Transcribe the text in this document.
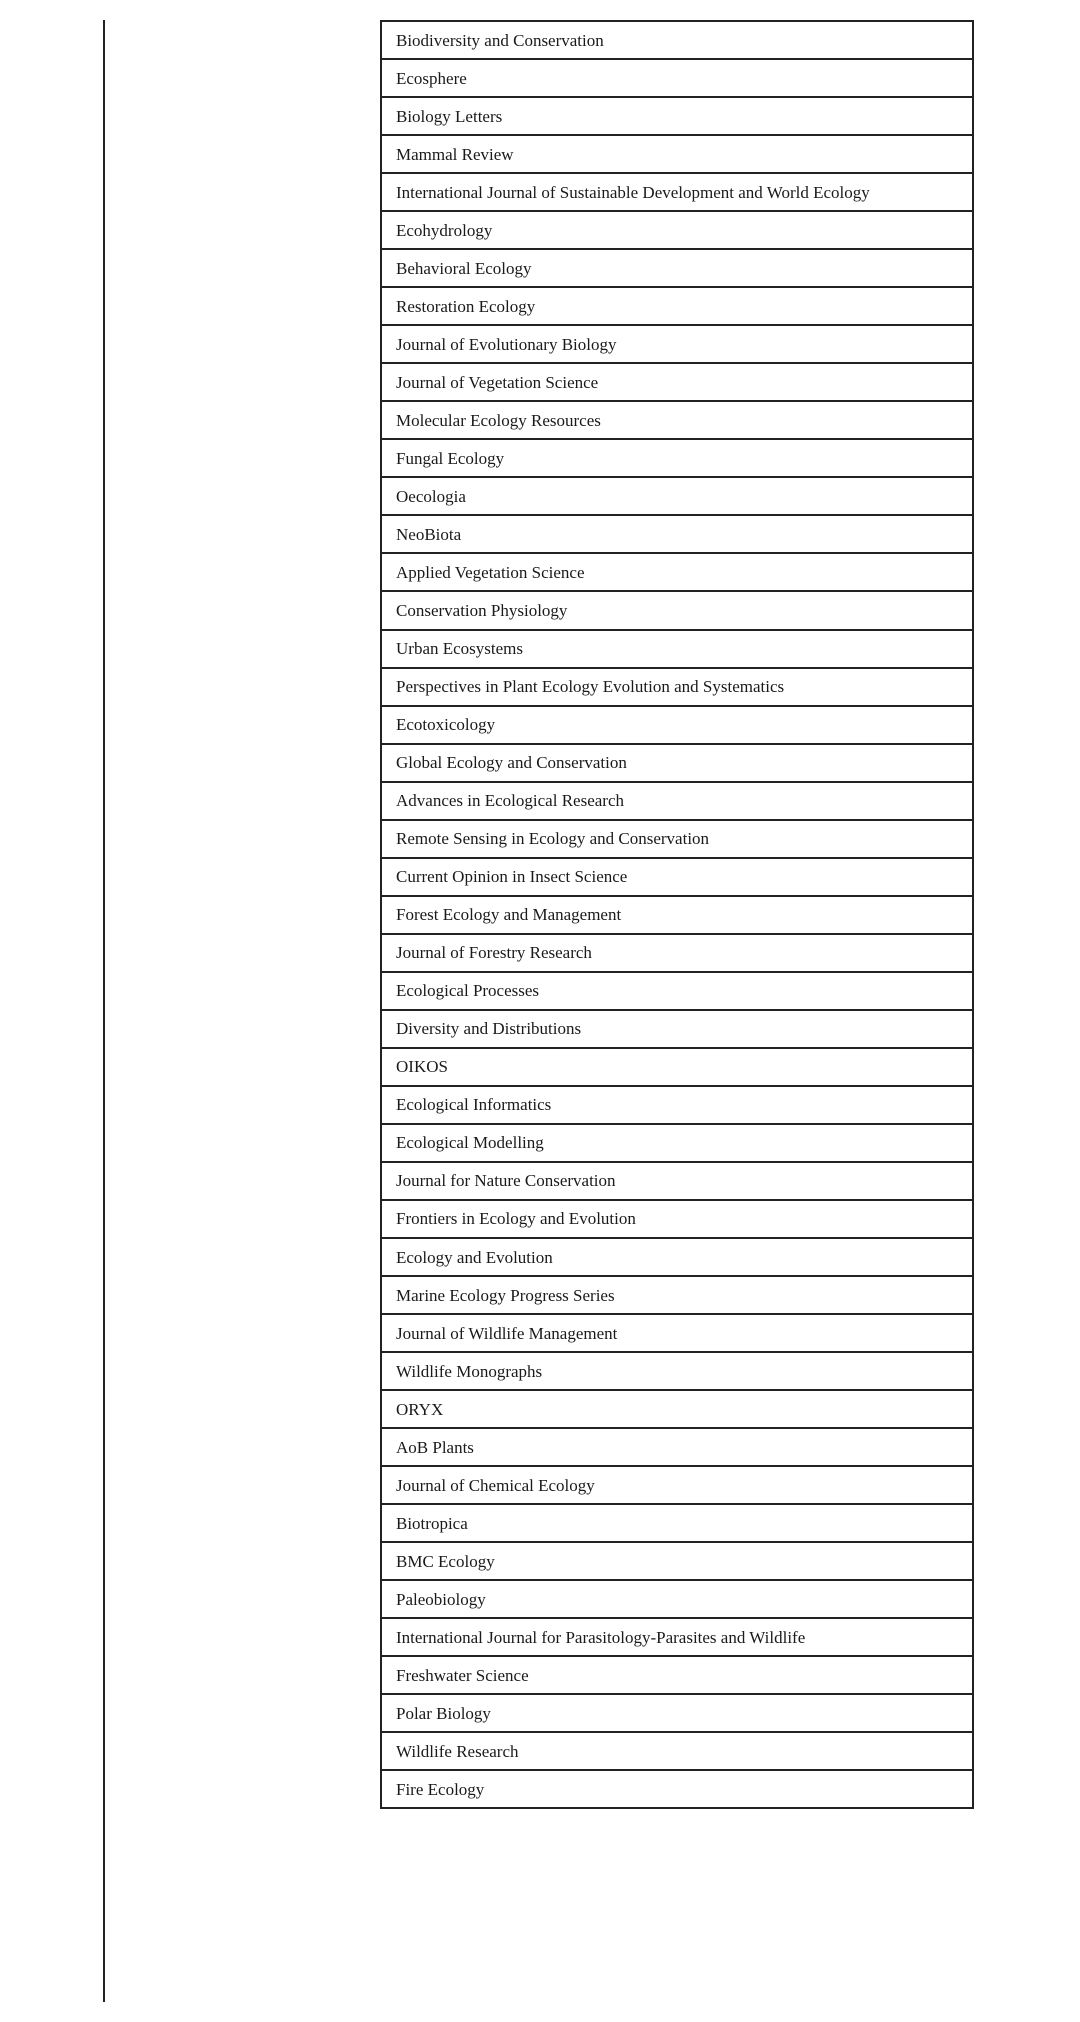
Biodiversity and Conservation
Ecosphere
Biology Letters
Mammal Review
International Journal of Sustainable Development and World Ecology
Ecohydrology
Behavioral Ecology
Restoration Ecology
Journal of Evolutionary Biology
Journal of Vegetation Science
Molecular Ecology Resources
Fungal Ecology
Oecologia
NeoBiota
Applied Vegetation Science
Conservation Physiology
Urban Ecosystems
Perspectives in Plant Ecology Evolution and Systematics
Ecotoxicology
Global Ecology and Conservation
Advances in Ecological Research
Remote Sensing in Ecology and Conservation
Current Opinion in Insect Science
Forest Ecology and Management
Journal of Forestry Research
Ecological Processes
Diversity and Distributions
OIKOS
Ecological Informatics
Ecological Modelling
Journal for Nature Conservation
Frontiers in Ecology and Evolution
Ecology and Evolution
Marine Ecology Progress Series
Journal of Wildlife Management
Wildlife Monographs
ORYX
AoB Plants
Journal of Chemical Ecology
Biotropica
BMC Ecology
Paleobiology
International Journal for Parasitology-Parasites and Wildlife
Freshwater Science
Polar Biology
Wildlife Research
Fire Ecology
